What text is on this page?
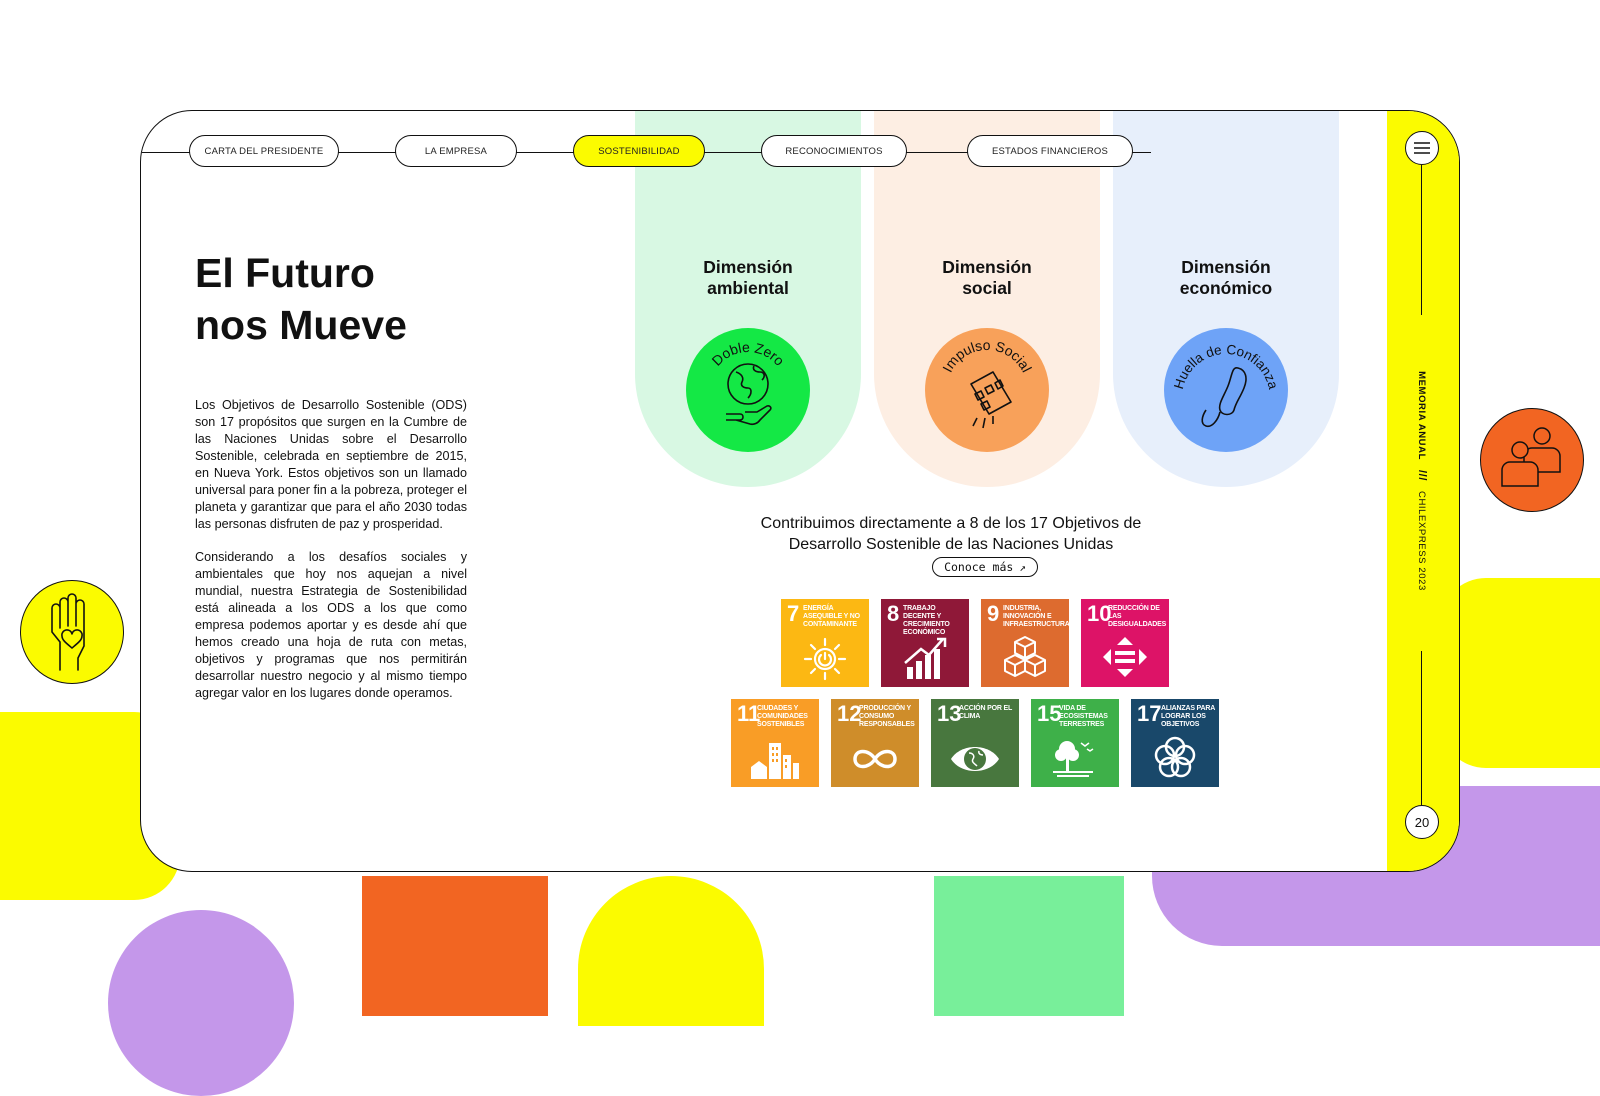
CARTA DEL PRESIDENTE	LA EMPRESA	SOSTENIBILIDAD	RECONOCIMIENTOS	ESTADOS FINANCIEROS
El Futuro
nos Mueve

Los Objetivos de Desarrollo Sostenible (ODS) son 17 propósitos que surgen en la Cumbre de las Naciones Unidas sobre el Desarrollo Sostenible, celebrada en septiembre de 2015, en Nueva York. Estos objetivos son un llamado universal para poner fin a la pobreza, proteger el planeta y garantizar que para el año 2030 todas las personas disfruten de paz y prosperidad.

Considerando a los desafíos sociales y ambientales que hoy nos aquejan a nivel mundial, nuestra Estrategia de Sostenibilidad está alineada a los ODS a los que como empresa podemos aportar y es desde ahí que hemos creado una hoja de ruta con metas, objetivos y programas que nos permitirán desarrollar nuestro negocio y al mismo tiempo agregar valor en los lugares donde operamos.

Dimensión
ambiental
Dimensión
social
Dimensión
económico
Doble Zero
Impulso Social
Huella de Confianza
Contribuimos directamente a 8 de los 17 Objetivos de
Desarrollo Sostenible de las Naciones Unidas
Conoce más ↗
7 ENERGÍA ASEQUIBLE Y NO CONTAMINANTE	8 TRABAJO DECENTE Y CRECIMIENTO ECONÓMICO
9 INDUSTRIA, INNOVACIÓN E INFRAESTRUCTURA 10
REDUCCIÓN DE LAS DESIGUALDADES
11
CIUDADES Y COMUNIDADES SOSTENIBLES	12
PRODUCCIÓN Y CONSUMO RESPONSABLES 13
ACCIÓN POR EL CLIMA	15
VIDA DE ECOSISTEMAS TERRESTRES	17 ALIANZAS PARA LOGRAR LOS OBJETIVOS
MEMORIA ANUAL
///
CHILEXPRESS 2023
20
